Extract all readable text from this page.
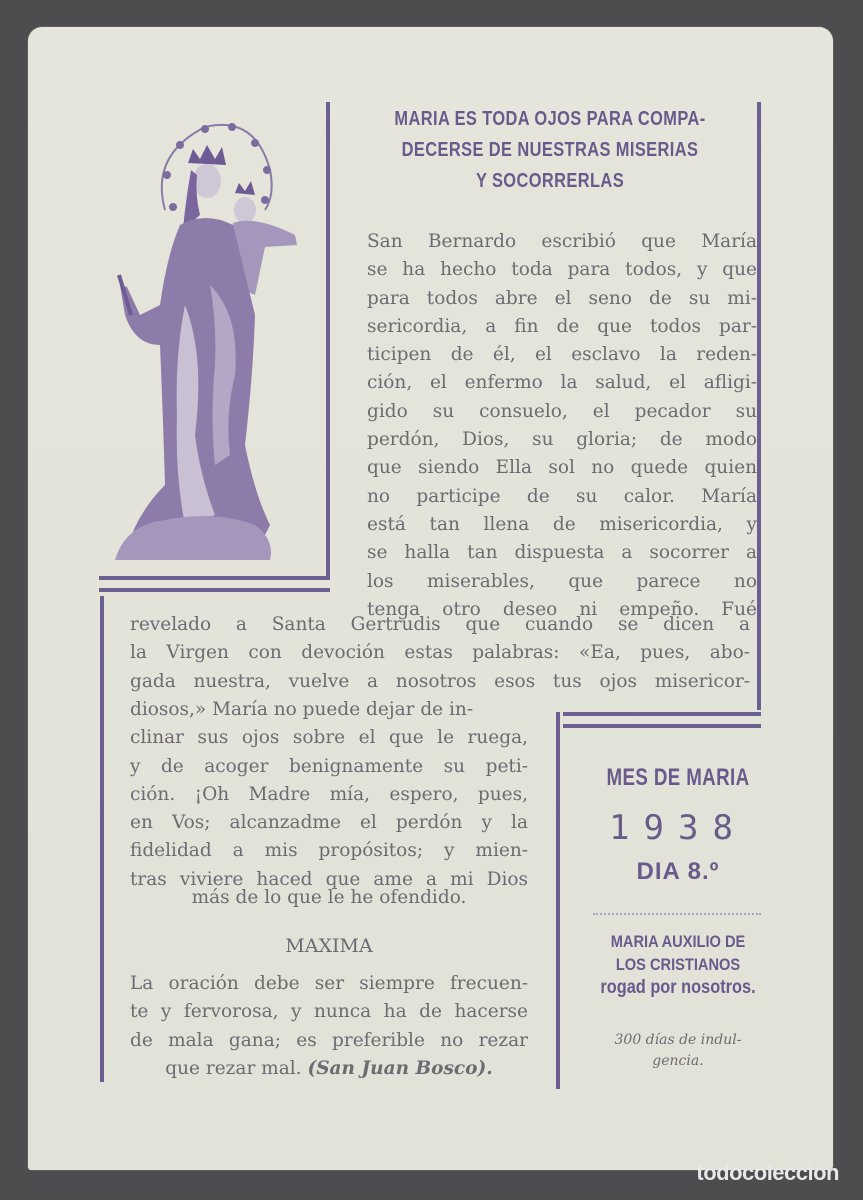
MARIA ES TODA OJOS PARA COMPA-
DECERSE DE NUESTRAS MISERIAS
Y SOCORRERLAS
San Bernardo escribió que María
se ha hecho toda para todos, y que
para todos abre el seno de su mi-
sericordia, a fin de que todos par-
ticipen de él, el esclavo la reden-
ción, el enfermo la salud, el afligi-
gido su consuelo, el pecador su
perdón, Dios, su gloria; de modo
que siendo Ella sol no quede quien
no participe de su calor. María
está tan llena de misericordia, y
se halla tan dispuesta a socorrer a
los miserables, que parece no
tenga otro deseo ni empeño. Fué
revelado a Santa Gertrudis que cuando se dicen a
la Virgen con devoción estas palabras: «Ea, pues, abo-
gada nuestra, vuelve a nosotros esos tus ojos misericor-
diosos,» María no puede dejar de in-
clinar sus ojos sobre el que le ruega,
y de acoger benignamente su peti-
ción. ¡Oh Madre mía, espero, pues,
en Vos; alcanzadme el perdón y la
fidelidad a mis propósitos; y mien-
tras viviere haced que ame a mi Dios
más de lo que le he ofendido.
MAXIMA
La oración debe ser siempre frecuen-
te y fervorosa, y nunca ha de hacerse
de mala gana; es preferible no rezar
que rezar mal. (San Juan Bosco).
MES DE MARIA
1938
DIA 8.º
MARIA AUXILIO DE
LOS CRISTIANOS
rogad por nosotros.
300 días de indul-
gencia.
todocoleccion
